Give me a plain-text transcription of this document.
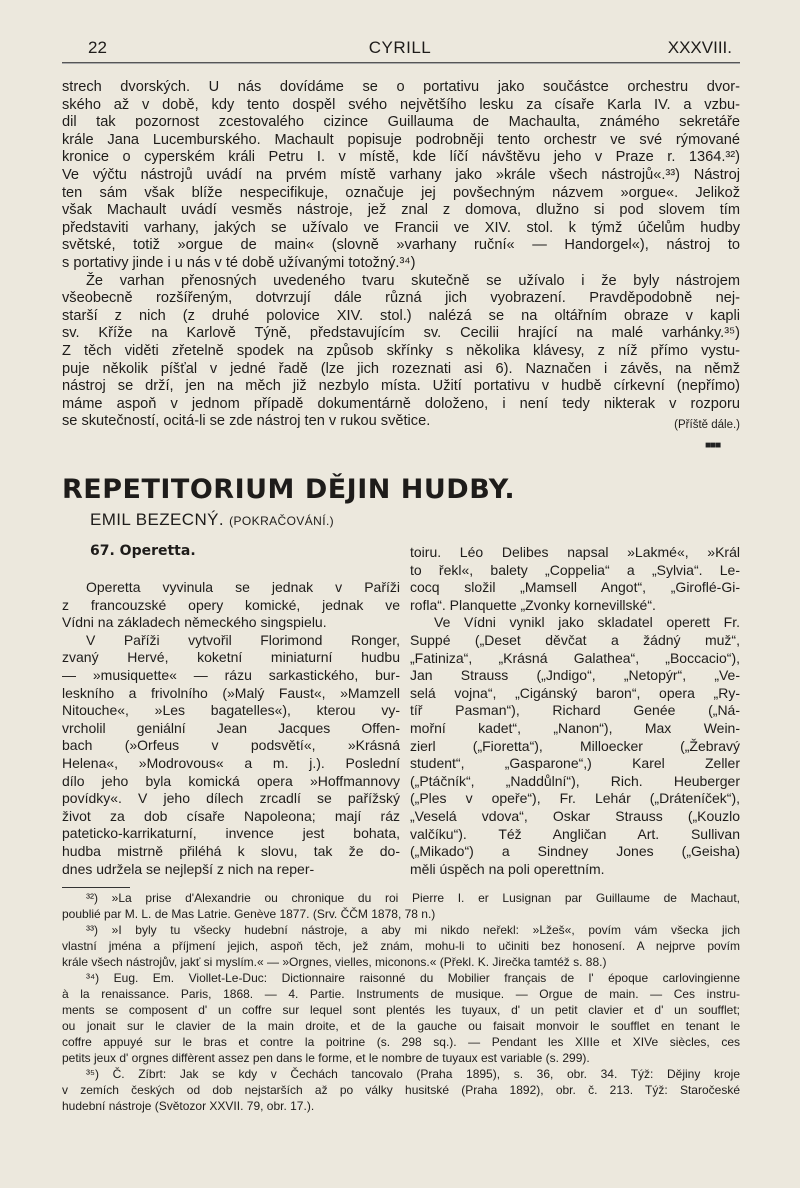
22	CYRILL	XXXVIII.
strech dvorských. U nás dovídáme se o portativu jako součástce orchestru dvor-
ského až v době, kdy tento dospěl svého největšího lesku za císaře Karla IV. a vzbu-
dil tak pozornost zcestovalého cizince Guillauma de Machaulta, známého sekretáře
krále Jana Lucemburského. Machault popisuje podrobněji tento orchestr ve své rýmované
kronice o cyperském králi Petru I. v místě, kde líčí návštěvu jeho v Praze r. 1364.³²)
Ve výčtu nástrojů uvádí na prvém místě varhany jako »krále všech nástrojů«.³³) Nástroj
ten sám však blíže nespecifikuje, označuje jej povšechným názvem »orgue«. Jelikož
však Machault uvádí vesměs nástroje, jež znal z domova, dlužno si pod slovem tím
představiti varhany, jakých se užívalo ve Francii ve XIV. stol. k týmž účelům hudby
světské, totiž »orgue de main« (slovně »varhany ruční« — Handorgel«), nástroj to
s portativy jinde i u nás v té době užívanými totožný.³⁴)
Že varhan přenosných uvedeného tvaru skutečně se užívalo i že byly nástrojem
všeobecně rozšířeným, dotvrzují dále různá jich vyobrazení. Pravděpodobně nej-
starší z nich (z druhé polovice XIV. stol.) nalézá se na oltářním obraze v kapli
sv. Kříže na Karlově Týně, představujícím sv. Cecilii hrající na malé varhánky.³⁵)
Z těch viděti zřetelně spodek na způsob skřínky s několika klávesy, z níž přímo vystu-
puje několik píšťal v jedné řadě (lze jich rozeznati asi 6). Naznačen i závěs, na němž
nástroj se drží, jen na měch již nezbylo místa. Užití portativu v hudbě církevní (nepřímo)
máme aspoň v jednom případě dokumentárně doloženo, i není tedy nikterak v rozporu
se skutečností, ocitá-li se zde nástroj ten v rukou světice.	(Příště dále.)
■■■
REPETITORIUM DĚJIN HUDBY.
EMIL BEZECNÝ. (POKRAČOVÁNÍ.)
67. Operetta.
Operetta vyvinula se jednak v Paříži
z francouzské opery komické, jednak ve
Vídni na základech německého singspielu.
V Paříži vytvořil Florimond Ronger,
zvaný Hervé, koketní miniaturní hudbu
— »musiquette« — rázu sarkastického, bur-
leskního a frivolního (»Malý Faust«, »Mamzell
Nitouche«, »Les bagatelles«), kterou vy-
vrcholil geniální Jean Jacques Offen-
bach (»Orfeus v podsvětí«, »Krásná
Helena«, »Modrovous« a m. j.). Poslední
dílo jeho byla komická opera »Hoffmannovy
povídky«. V jeho dílech zrcadlí se pařížský
život za dob císaře Napoleona; mají ráz
pateticko-karrikaturní, invence jest bohata,
hudba mistrně přiléhá k slovu, tak že do-
dnes udržela se nejlepší z nich na reper-
toiru. Léo Delibes napsal »Lakmé«, »Král
to řekl«, balety „Coppelia“ a „Sylvia“. Le-
cocq složil „Mamsell Angot“, „Giroflé-Gi-
rofla“. Planquette „Zvonky kornevillské“.
Ve Vídni vynikl jako skladatel operett Fr.
Suppé („Deset děvčat a žádný muž“,
„Fatiniza“, „Krásná Galathea“, „Boccacio“),
Jan Strauss („Jndigo“, „Netopýr“, „Ve-
selá vojna“, „Cigánský baron“, opera „Ry-
tíř Pasman“), Richard Genée („Ná-
mořní kadet“, „Nanon“), Max Wein-
zierl („Fioretta“), Milloecker („Žebravý
student“, „Gasparone“,) Karel Zeller
(„Ptáčník“, „Naddůlní“), Rich. Heuberger
(„Ples v opeře“), Fr. Lehár („Dráteníček“),
„Veselá vdova“, Oskar Strauss („Kouzlo
valčíku“). Též Angličan Art. Sullivan
(„Mikado“) a Sindney Jones („Geisha)
měli úspěch na poli operettním.
³²) »La prise d'Alexandrie ou chronique du roi Pierre I. er Lusignan par Guillaume de Machaut,
poublié par M. L. de Mas Latrie. Genève 1877. (Srv. ČČM 1878, 78 n.)
³³) »I byly tu všecky hudební nástroje, a aby mi nikdo neřekl: »Lžeš«, povím vám všecka jich
vlastní jména a příjmení jejich, aspoň těch, jež znám, mohu-li to učiniti bez honosení. A nejprve povím
krále všech nástrojův, jakť si myslím.« — »Orgnes, vielles, miconons.« (Překl. K. Jirečka tamtéž s. 88.)
³⁴) Eug. Em. Viollet-Le-Duc: Dictionnaire raisonné du Mobilier français de l' époque carlovingienne
à la renaissance. Paris, 1868. — 4. Partie. Instruments de musique. — Orgue de main. — Ces instru-
ments se composent d' un coffre sur lequel sont plentés les tuyaux, d' un petit clavier et d' un soufflet;
ou jonait sur le clavier de la main droite, et de la gauche ou faisait monvoir le soufflet en tenant le
coffre appuyé sur le bras et contre la poitrine (s. 298 sq.). — Pendant les XIIIe et XIVe siècles, ces
petits jeux d' orgnes diffèrent assez pen dans le forme, et le nombre de tuyaux est variable (s. 299).
³⁵) Č. Zíbrt: Jak se kdy v Čechách tancovalo (Praha 1895), s. 36, obr. 34. Týž: Dějiny kroje
v zemích českých od dob nejstarších až po války husitské (Praha 1892), obr. č. 213. Týž: Staročeské
hudební nástroje (Světozor XXVII. 79, obr. 17.).
